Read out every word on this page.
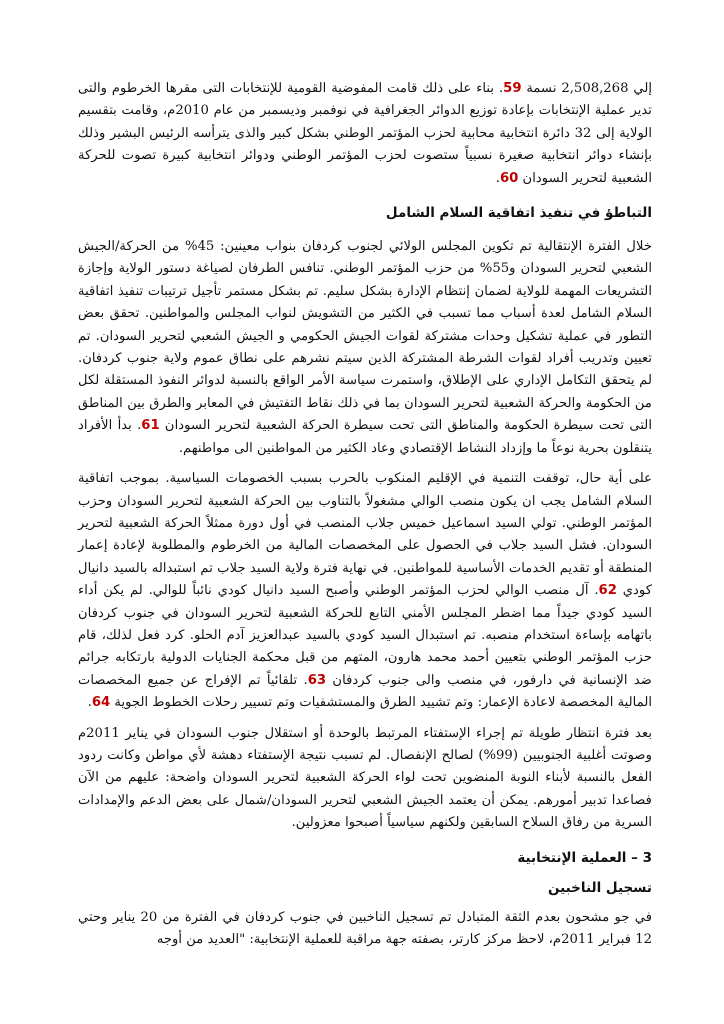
إلي 2,508,268 نسمة 59. بناء على ذلك قامت المفوضية القومية للإنتخابات التى مقرها الخرطوم والتى تدير عملية الإنتخابات بإعادة توزيع الدوائر الجغرافية في نوفمبر وديسمبر من عام 2010م، وقامت بتقسيم الولاية إلى 32 دائرة انتخابية محابية لحزب المؤتمر الوطني بشكل كبير والذى يترأسه الرئيس البشير وذلك بإنشاء دوائر انتخابية صغيرة نسبياً ستصوت لحزب المؤتمر الوطني ودوائر انتخابية كبيرة تصوت للحركة الشعبية لتحرير السودان 60.

التباطؤ في تنفيذ اتفاقية السلام الشامل

خلال الفترة الإنتقالية تم تكوين المجلس الولائي لجنوب كردفان بنواب معينين: 45% من الحركة/الجيش الشعبي لتحرير السودان و55% من حزب المؤتمر الوطني. تنافس الطرفان لصياغة دستور الولاية وإجازة التشريعات المهمة للولاية لضمان إنتظام الإدارة بشكل سليم. تم بشكل مستمر تأجيل ترتيبات تنفيذ اتفاقية السلام الشامل لعدة أسباب مما تسبب في الكثير من التشويش لنواب المجلس والمواطنين. تحقق بعض التطور في عملية تشكيل وحدات مشتركة لقوات الجيش الحكومي و الجيش الشعبي لتحرير السودان. تم تعيين وتدريب أفراد لقوات الشرطة المشتركة الذين سيتم نشرهم على نطاق عموم ولاية جنوب كردفان. لم يتحقق التكامل الإداري على الإطلاق، واستمرت سياسة الأمر الواقع بالنسبة لدوائر النفوذ المستقلة لكل من الحكومة والحركة الشعبية لتحرير السودان بما في ذلك نقاط التفتيش في المعابر والطرق بين المناطق التى تحت سيطرة الحكومة والمناطق التى تحت سيطرة الحركة الشعبية لتحرير السودان 61. بدأ الأفراد يتنقلون بحرية نوعاً ما وإزداد النشاط الإقتصادي وعاد الكثير من المواطنين الى مواطنهم.

على أية حال، توقفت التنمية في الإقليم المنكوب بالحرب بسبب الخصومات السياسية. بموجب اتفاقية السلام الشامل يجب ان يكون منصب الوالي مشغولاً بالتناوب بين الحركة الشعبية لتحرير السودان وحزب المؤتمر الوطني. تولي السيد اسماعيل خميس جلاب المنصب في أول دورة ممثلاً الحركة الشعبية لتحرير السودان. فشل السيد جلاب في الحصول على المخصصات المالية من الخرطوم والمطلوبة لإعادة إعمار المنطقة أو تقديم الخدمات الأساسية للمواطنين. في نهاية فترة ولاية السيد جلاب تم استبداله بالسيد دانيال كودي 62. آل منصب الوالي لحزب المؤتمر الوطني وأصبح السيد دانيال كودي نائباً للوالي. لم يكن أداء السيد كودي جيداً مما اضطر المجلس الأمني التابع للحركة الشعبية لتحرير السودان في جنوب كردفان باتهامه بإساءة استخدام منصبه. تم استبدال السيد كودي بالسيد عبدالعزيز آدم الحلو. كرد فعل لذلك، قام حزب المؤتمر الوطني بتعيين أحمد محمد هارون، المتهم من قبل محكمة الجنايات الدولية بارتكابه جرائم ضد الإنسانية في دارفور، في منصب والى جنوب كردفان 63. تلقائياً تم الإفراج عن جميع المخصصات المالية المخصصة لاعادة الإعمار: وتم تشييد الطرق والمستشفيات وتم تسيير رحلات الخطوط الجوية 64.

بعد فترة انتظار طويلة تم إجراء الإستفتاء المرتبط بالوحدة أو استقلال جنوب السودان في يناير 2011م وصوتت أغلبية الجنوبيين (99%) لصالح الإنفصال. لم تسبب نتيجة الإستفتاء دهشة لأي مواطن وكانت ردود الفعل بالنسبة لأبناء النوبة المنضوين تحت لواء الحركة الشعبية لتحرير السودان واضحة: عليهم من الآن فصاعدا تدبير أمورهم. يمكن أن يعتمد الجيش الشعبي لتحرير السودان/شمال على بعض الدعم والإمدادات السرية من رفاق السلاح السابقين ولكنهم سياسياً أصبحوا معزولين.

3 – العملية الإنتخابية

تسجيل الناخبين

في جو مشحون بعدم الثقة المتبادل تم تسجيل الناخبين في جنوب كردفان في الفترة من 20 يناير وحتي 12 فبراير 2011م، لاحظ مركز كارتر، بصفته جهة مراقبة للعملية الإنتخابية: "العديد من أوجه
